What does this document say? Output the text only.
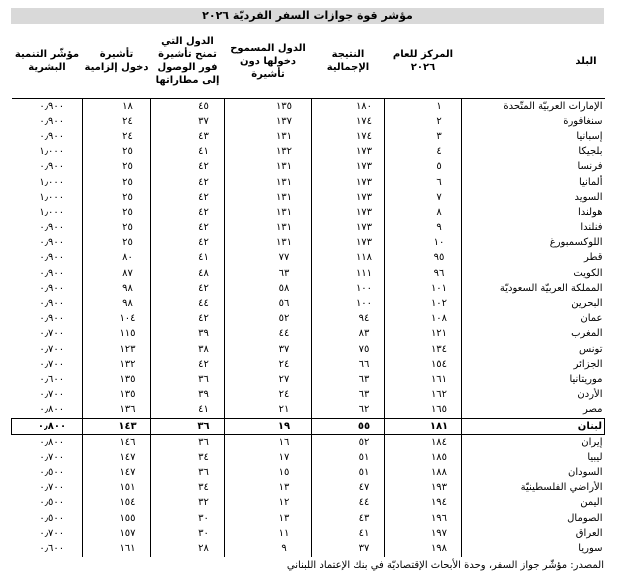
مؤشر قوة جوازات السفر الفرديّة ٢٠٢٦
البلد	المركز للعام ٢٠٢٦	النتيجة الإجمالية	الدول المسموح دخولها دون تأشيرة	الدول التي تمنح تأشيرة فور الوصول إلى مطاراتها	تأشيرة دخول إلزامية	مؤشّر التنمية البشرية
الإمارات العربيّة المتّحدة	١	١٨٠	١٣٥	٤٥	١٨	٠٫٩٠٠
سنغافورة	٢	١٧٤	١٣٧	٣٧	٢٤	٠٫٩٠٠
إسبانيا	٣	١٧٤	١٣١	٤٣	٢٤	٠٫٩٠٠
بلجيكا	٤	١٧٣	١٣٢	٤١	٢٥	١٫٠٠٠
فرنسا	٥	١٧٣	١٣١	٤٢	٢٥	٠٫٩٠٠
ألمانيا	٦	١٧٣	١٣١	٤٢	٢٥	١٫٠٠٠
السويد	٧	١٧٣	١٣١	٤٢	٢٥	١٫٠٠٠
هولندا	٨	١٧٣	١٣١	٤٢	٢٥	١٫٠٠٠
فنلندا	٩	١٧٣	١٣١	٤٢	٢٥	٠٫٩٠٠
اللوكسمبورغ	١٠	١٧٣	١٣١	٤٢	٢٥	٠٫٩٠٠
قطر	٩٥	١١٨	٧٧	٤١	٨٠	٠٫٩٠٠
الكويت	٩٦	١١١	٦٣	٤٨	٨٧	٠٫٩٠٠
المملكة العربيّة السعوديّة	١٠١	١٠٠	٥٨	٤٢	٩٨	٠٫٩٠٠
البحرين	١٠٢	١٠٠	٥٦	٤٤	٩٨	٠٫٩٠٠
عمان	١٠٨	٩٤	٥٢	٤٢	١٠٤	٠٫٩٠٠
المغرب	١٢١	٨٣	٤٤	٣٩	١١٥	٠٫٧٠٠
تونس	١٣٤	٧٥	٣٧	٣٨	١٢٣	٠٫٧٠٠
الجزائر	١٥٤	٦٦	٢٤	٤٢	١٣٢	٠٫٧٠٠
موريتانيا	١٦١	٦٣	٢٧	٣٦	١٣٥	٠٫٦٠٠
الأردن	١٦٢	٦٣	٢٤	٣٩	١٣٥	٠٫٧٠٠
مصر	١٦٥	٦٢	٢١	٤١	١٣٦	٠٫٨٠٠
لبنان	١٨١	٥٥	١٩	٣٦	١٤٣	٠٫٨٠٠
إيران	١٨٤	٥٢	١٦	٣٦	١٤٦	٠٫٨٠٠
ليبيا	١٨٥	٥١	١٧	٣٤	١٤٧	٠٫٧٠٠
السودان	١٨٨	٥١	١٥	٣٦	١٤٧	٠٫٥٠٠
الأراضي الفلسطينيّة	١٩٣	٤٧	١٣	٣٤	١٥١	٠٫٧٠٠
اليمن	١٩٤	٤٤	١٢	٣٢	١٥٤	٠٫٥٠٠
الصومال	١٩٦	٤٣	١٣	٣٠	١٥٥	٠٫٥٠٠
العراق	١٩٧	٤١	١١	٣٠	١٥٧	٠٫٧٠٠
سوريا	١٩٨	٣٧	٩	٢٨	١٦١	٠٫٦٠٠
المصدر: مؤشّر جواز السفر، وحدة الأبحاث الإقتصاديّة في بنك الإعتماد اللبناني
